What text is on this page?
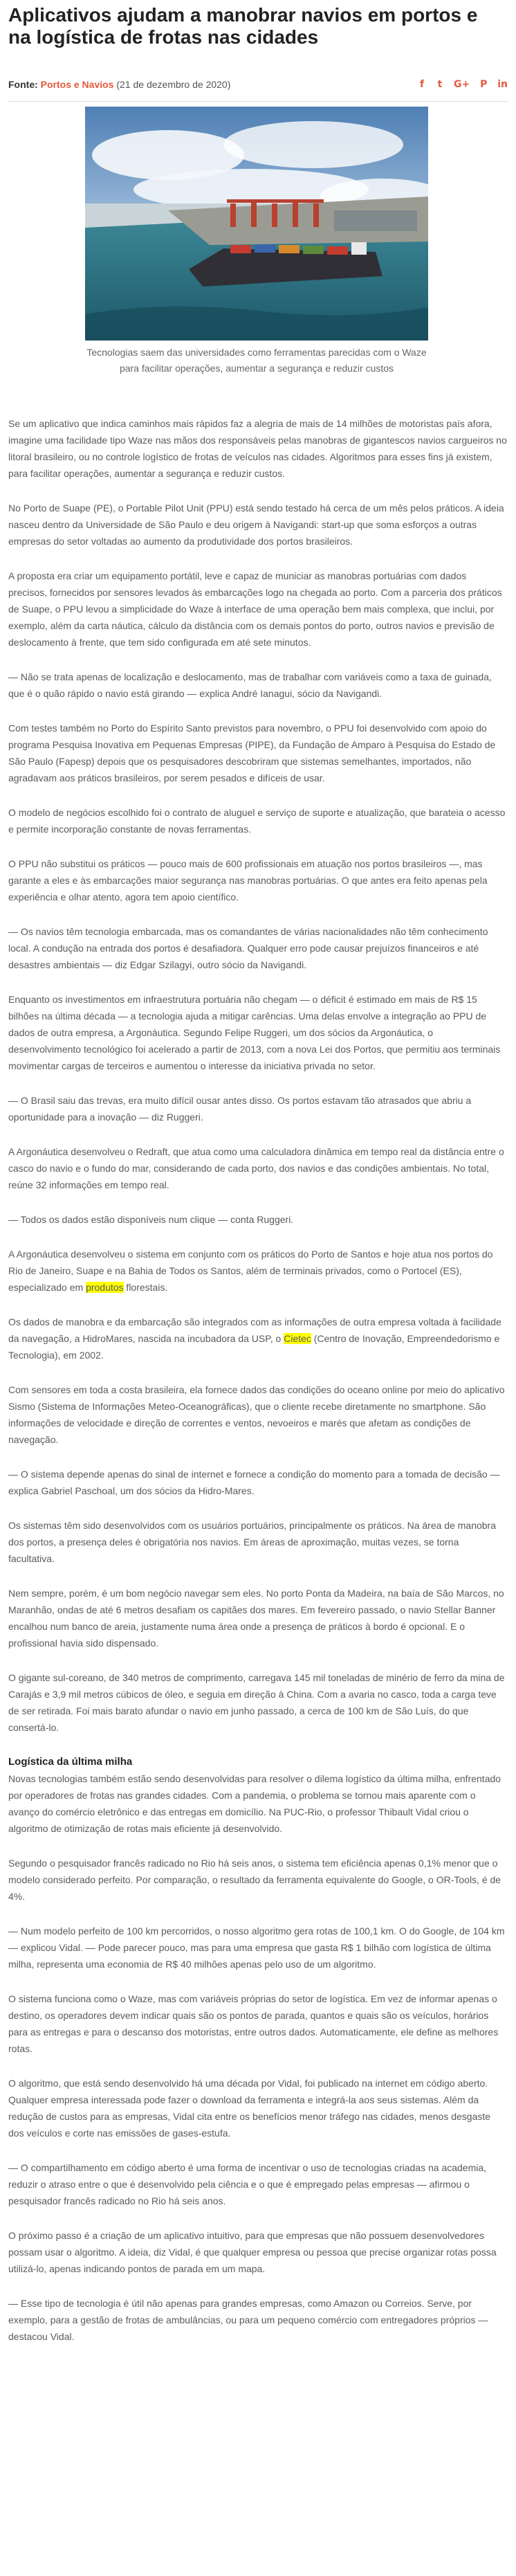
Aplicativos ajudam a manobrar navios em portos e na logística de frotas nas cidades
Fonte: Portos e Navios (21 de dezembro de 2020)	f t G+ P in
Tecnologias saem das universidades como ferramentas parecidas com o Waze para facilitar operações, aumentar a segurança e reduzir custos

Se um aplicativo que indica caminhos mais rápidos faz a alegria de mais de 14 milhões de motoristas país afora, imagine uma facilidade tipo Waze nas mãos dos responsáveis pelas manobras de gigantescos navios cargueiros no litoral brasileiro, ou no controle logístico de frotas de veículos nas cidades. Algoritmos para esses fins já existem, para facilitar operações, aumentar a segurança e reduzir custos.

No Porto de Suape (PE), o Portable Pilot Unit (PPU) está sendo testado há cerca de um mês pelos práticos. A ideia nasceu dentro da Universidade de São Paulo e deu origem à Navigandi: start-up que soma esforços a outras empresas do setor voltadas ao aumento da produtividade dos portos brasileiros.

A proposta era criar um equipamento portátil, leve e capaz de municiar as manobras portuárias com dados precisos, fornecidos por sensores levados às embarcações logo na chegada ao porto. Com a parceria dos práticos de Suape, o PPU levou a simplicidade do Waze à interface de uma operação bem mais complexa, que inclui, por exemplo, além da carta náutica, cálculo da distância com os demais pontos do porto, outros navios e previsão de deslocamento à frente, que tem sido configurada em até sete minutos.

— Não se trata apenas de localização e deslocamento, mas de trabalhar com variáveis como a taxa de guinada, que é o quão rápido o navio está girando — explica André Ianagui, sócio da Navigandi.

Com testes também no Porto do Espírito Santo previstos para novembro, o PPU foi desenvolvido com apoio do programa Pesquisa Inovativa em Pequenas Empresas (PIPE), da Fundação de Amparo à Pesquisa do Estado de São Paulo (Fapesp) depois que os pesquisadores descobriram que sistemas semelhantes, importados, não agradavam aos práticos brasileiros, por serem pesados e difíceis de usar.

O modelo de negócios escolhido foi o contrato de aluguel e serviço de suporte e atualização, que barateia o acesso e permite incorporação constante de novas ferramentas.

O PPU não substitui os práticos — pouco mais de 600 profissionais em atuação nos portos brasileiros —, mas garante a eles e às embarcações maior segurança nas manobras portuárias. O que antes era feito apenas pela experiência e olhar atento, agora tem apoio científico.

— Os navios têm tecnologia embarcada, mas os comandantes de várias nacionalidades não têm conhecimento local. A condução na entrada dos portos é desafiadora. Qualquer erro pode causar prejuízos financeiros e até desastres ambientais — diz Edgar Szilagyi, outro sócio da Navigandi.

Enquanto os investimentos em infraestrutura portuária não chegam — o déficit é estimado em mais de R$ 15 bilhões na última década — a tecnologia ajuda a mitigar carências. Uma delas envolve a integração ao PPU de dados de outra empresa, a Argonáutica. Segundo Felipe Ruggeri, um dos sócios da Argonáutica, o desenvolvimento tecnológico foi acelerado a partir de 2013, com a nova Lei dos Portos, que permitiu aos terminais movimentar cargas de terceiros e aumentou o interesse da iniciativa privada no setor.

— O Brasil saiu das trevas, era muito difícil ousar antes disso. Os portos estavam tão atrasados que abriu a oportunidade para a inovação — diz Ruggeri.

A Argonáutica desenvolveu o Redraft, que atua como uma calculadora dinâmica em tempo real da distância entre o casco do navio e o fundo do mar, considerando de cada porto, dos navios e das condições ambientais. No total, reúne 32 informações em tempo real.

— Todos os dados estão disponíveis num clique — conta Ruggeri.

A Argonáutica desenvolveu o sistema em conjunto com os práticos do Porto de Santos e hoje atua nos portos do Rio de Janeiro, Suape e na Bahia de Todos os Santos, além de terminais privados, como o Portocel (ES), especializado em produtos florestais.

Os dados de manobra e da embarcação são integrados com as informações de outra empresa voltada à facilidade da navegação, a HidroMares, nascida na incubadora da USP, o Cietec (Centro de Inovação, Empreendedorismo e Tecnologia), em 2002.

Com sensores em toda a costa brasileira, ela fornece dados das condições do oceano online por meio do aplicativo Sismo (Sistema de Informações Meteo-Oceanográficas), que o cliente recebe diretamente no smartphone. São informações de velocidade e direção de correntes e ventos, nevoeiros e marés que afetam as condições de navegação.

— O sistema depende apenas do sinal de internet e fornece a condição do momento para a tomada de decisão — explica Gabriel Paschoal, um dos sócios da Hidro-Mares.

Os sistemas têm sido desenvolvidos com os usuários portuários, principalmente os práticos. Na área de manobra dos portos, a presença deles é obrigatória nos navios. Em áreas de aproximação, muitas vezes, se torna facultativa.

Nem sempre, porém, é um bom negócio navegar sem eles. No porto Ponta da Madeira, na baía de São Marcos, no Maranhão, ondas de até 6 metros desafiam os capitães dos mares. Em fevereiro passado, o navio Stellar Banner encalhou num banco de areia, justamente numa área onde a presença de práticos à bordo é opcional. E o profissional havia sido dispensado.

O gigante sul-coreano, de 340 metros de comprimento, carregava 145 mil toneladas de minério de ferro da mina de Carajás e 3,9 mil metros cúbicos de óleo, e seguia em direção à China. Com a avaria no casco, toda a carga teve de ser retirada. Foi mais barato afundar o navio em junho passado, a cerca de 100 km de São Luís, do que consertá-lo.

Logística da última milha

Novas tecnologias também estão sendo desenvolvidas para resolver o dilema logístico da última milha, enfrentado por operadores de frotas nas grandes cidades. Com a pandemia, o problema se tornou mais aparente com o avanço do comércio eletrônico e das entregas em domicílio. Na PUC-Rio, o professor Thibault Vidal criou o algoritmo de otimização de rotas mais eficiente já desenvolvido.

Segundo o pesquisador francês radicado no Rio há seis anos, o sistema tem eficiência apenas 0,1% menor que o modelo considerado perfeito. Por comparação, o resultado da ferramenta equivalente do Google, o OR-Tools, é de 4%.

— Num modelo perfeito de 100 km percorridos, o nosso algoritmo gera rotas de 100,1 km. O do Google, de 104 km — explicou Vidal. — Pode parecer pouco, mas para uma empresa que gasta R$ 1 bilhão com logística de última milha, representa uma economia de R$ 40 milhões apenas pelo uso de um algoritmo.

O sistema funciona como o Waze, mas com variáveis próprias do setor de logística. Em vez de informar apenas o destino, os operadores devem indicar quais são os pontos de parada, quantos e quais são os veículos, horários para as entregas e para o descanso dos motoristas, entre outros dados. Automaticamente, ele define as melhores rotas.

O algoritmo, que está sendo desenvolvido há uma década por Vidal, foi publicado na internet em código aberto. Qualquer empresa interessada pode fazer o download da ferramenta e integrá-la aos seus sistemas. Além da redução de custos para as empresas, Vidal cita entre os benefícios menor tráfego nas cidades, menos desgaste dos veículos e corte nas emissões de gases-estufa.

— O compartilhamento em código aberto é uma forma de incentivar o uso de tecnologias criadas na academia, reduzir o atraso entre o que é desenvolvido pela ciência e o que é empregado pelas empresas — afirmou o pesquisador francês radicado no Rio há seis anos.

O próximo passo é a criação de um aplicativo intuitivo, para que empresas que não possuem desenvolvedores possam usar o algoritmo. A ideia, diz Vidal, é que qualquer empresa ou pessoa que precise organizar rotas possa utilizá-lo, apenas indicando pontos de parada em um mapa.

— Esse tipo de tecnologia é útil não apenas para grandes empresas, como Amazon ou Correios. Serve, por exemplo, para a gestão de frotas de ambulâncias, ou para um pequeno comércio com entregadores próprios — destacou Vidal.
